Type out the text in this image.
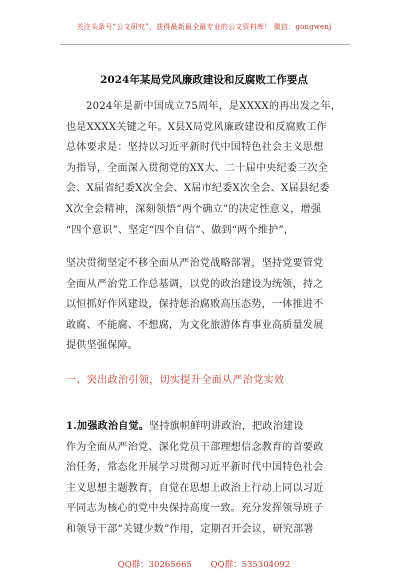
关注头条号“公文研究”，获得最新最全最专业的公文资料库！ 微信：gongwenj
2024年某局党风廉政建设和反腐败工作要点
2024年是新中国成立75周年，是XXXX的再出发之年，
也是XXXX关键之年。X县X局党风廉政建设和反腐败工作
总体要求是：坚持以习近平新时代中国特色社会主义思想
为指导，全面深入贯彻党的XX大、二十届中央纪委三次全
会、X届省纪委X次全会、X届市纪委X次全会、X届县纪委
X次全会精神，深刻领悟“两个确立”的决定性意义，增强
“四个意识”、坚定“四个自信”、做到“两个维护”，
坚决贯彻坚定不移全面从严治党战略部署，坚持党要管党
全面从严治党工作总基调，以党的政治建设为统领，持之
以恒抓好作风建设，保持惩治腐败高压态势，一体推进不
敢腐、不能腐、不想腐，为文化旅游体育事业高质量发展
提供坚强保障。
一、突出政治引领，切实提升全面从严治党实效
1.加强政治自觉。坚持旗帜鲜明讲政治，把政治建设
作为全面从严治党、深化党员干部理想信念教育的首要政
治任务，常态化开展学习贯彻习近平新时代中国特色社会
主义思想主题教育，自觉在思想上政治上行动上同以习近
平同志为核心的党中央保持高度一致。充分发挥领导班子
和领导干部“关键少数”作用，定期召开会议，研究部署
QQ群：30265665 QQ群：535304092
